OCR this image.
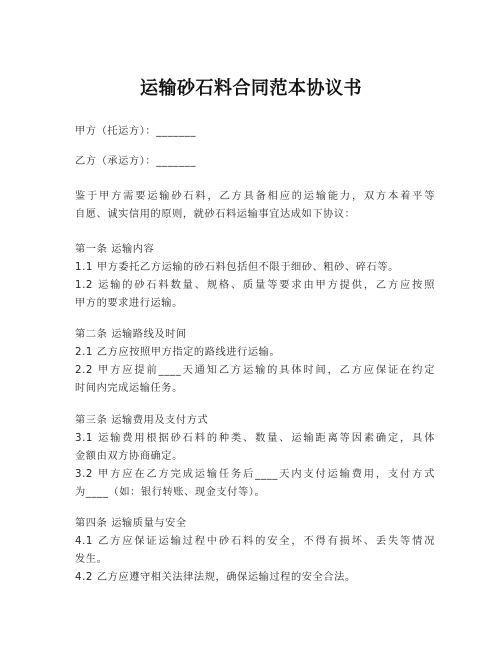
运输砂石料合同范本协议书
甲方（托运方）：_______
乙方（承运方）：_______
鉴于甲方需要运输砂石料，乙方具备相应的运输能力，双方本着平等
自愿、诚实信用的原则，就砂石料运输事宜达成如下协议：
第一条 运输内容
1.1 甲方委托乙方运输的砂石料包括但不限于细砂、粗砂、碎石等。
1.2 运输的砂石料数量、规格、质量等要求由甲方提供，乙方应按照
甲方的要求进行运输。
第二条 运输路线及时间
2.1 乙方应按照甲方指定的路线进行运输。
2.2 甲方应提前____天通知乙方运输的具体时间，乙方应保证在约定
时间内完成运输任务。
第三条 运输费用及支付方式
3.1 运输费用根据砂石料的种类、数量、运输距离等因素确定，具体
金额由双方协商确定。
3.2 甲方应在乙方完成运输任务后____天内支付运输费用，支付方式
为____（如：银行转账、现金支付等）。
第四条 运输质量与安全
4.1 乙方应保证运输过程中砂石料的安全，不得有损坏、丢失等情况
发生。
4.2 乙方应遵守相关法律法规，确保运输过程的安全合法。
